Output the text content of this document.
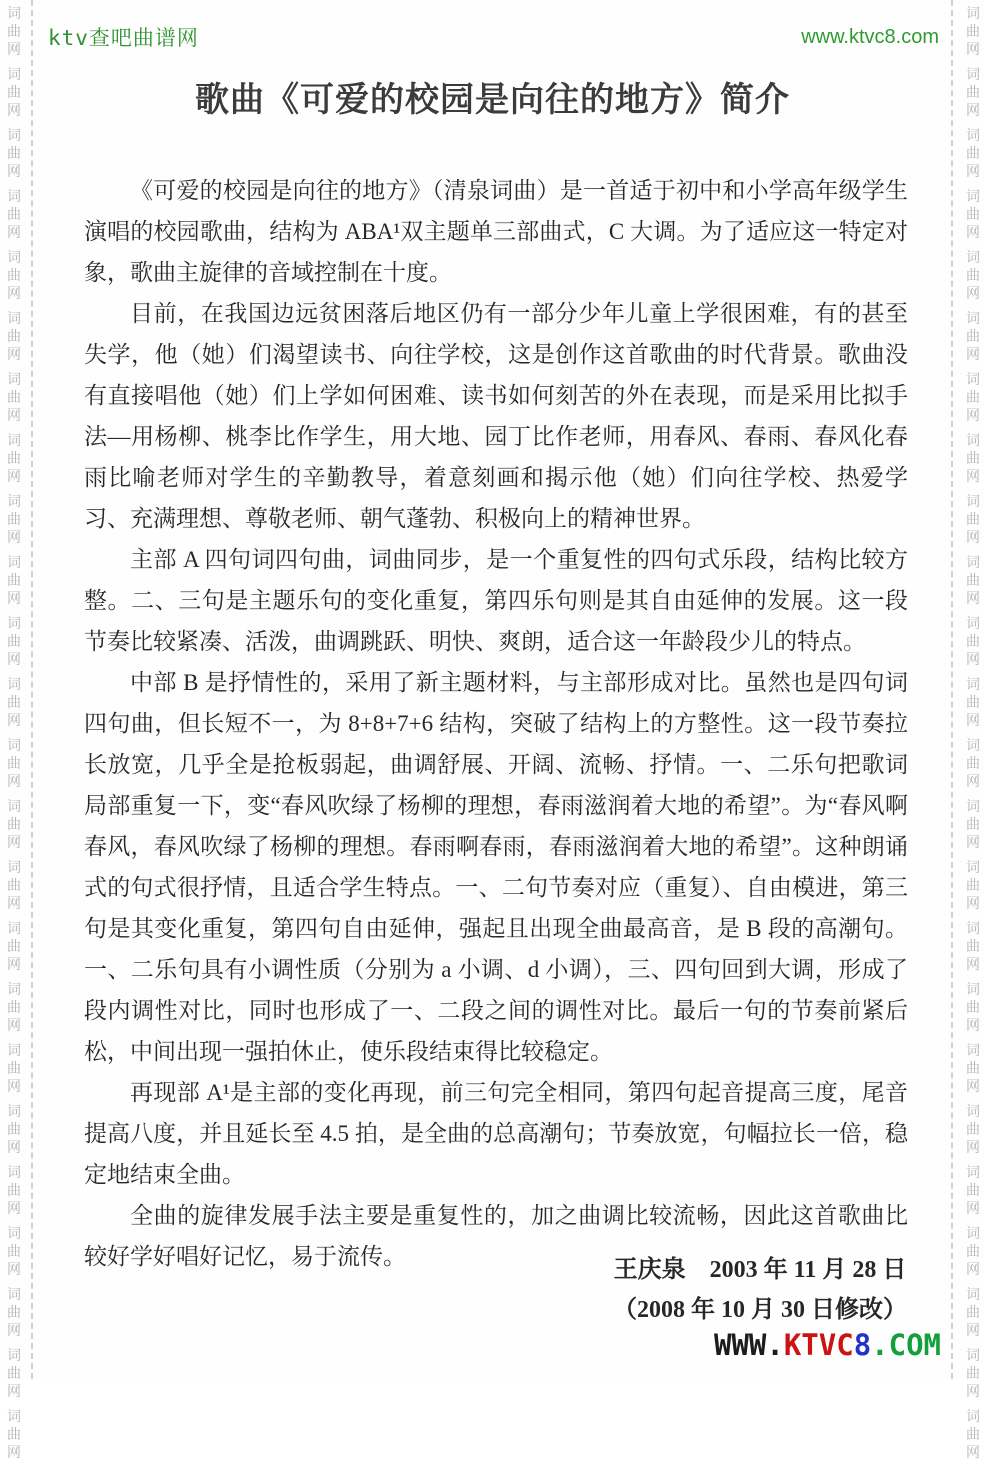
词
曲
网
词
曲
网
词
曲
网
词
曲
网
词
曲
网
词
曲
网
词
曲
网
词
曲
网
词
曲
网
词
曲
网
词
曲
网
词
曲
网
词
曲
网
词
曲
网
词
曲
网
词
曲
网
词
曲
网
词
曲
网
词
曲
网
词
曲
网
词
曲
网
词
曲
网
词
曲
网
词
曲
网
词
曲
网
词
曲
网
词
曲
网
词
曲
网
词
曲
网
词
曲
网
词
曲
网
词
曲
网
词
曲
网
词
曲
网
词
曲
网
词
曲
网
词
曲
网
词
曲
网
词
曲
网
词
曲
网
词
曲
网
词
曲
网
词
曲
网
词
曲
网
词
曲
网
词
曲
网
词
曲
网
词
曲
网
ktv查吧曲谱网	www.ktvc8.com
歌曲《可爱的校园是向往的地方》简介

《可爱的校园是向往的地方》（清泉词曲）是一首适于初中和小学高年级学生演唱的校园歌曲，结构为 ABA¹双主题单三部曲式，C 大调。为了适应这一特定对象，歌曲主旋律的音域控制在十度。

目前，在我国边远贫困落后地区仍有一部分少年儿童上学很困难，有的甚至失学，他（她）们渴望读书、向往学校，这是创作这首歌曲的时代背景。歌曲没有直接唱他（她）们上学如何困难、读书如何刻苦的外在表现，而是采用比拟手法—用杨柳、桃李比作学生，用大地、园丁比作老师，用春风、春雨、春风化春雨比喻老师对学生的辛勤教导，着意刻画和揭示他（她）们向往学校、热爱学习、充满理想、尊敬老师、朝气蓬勃、积极向上的精神世界。

主部 A 四句词四句曲，词曲同步，是一个重复性的四句式乐段，结构比较方整。二、三句是主题乐句的变化重复，第四乐句则是其自由延伸的发展。这一段节奏比较紧凑、活泼，曲调跳跃、明快、爽朗，适合这一年龄段少儿的特点。

中部 B 是抒情性的，采用了新主题材料，与主部形成对比。虽然也是四句词四句曲，但长短不一，为 8+8+7+6 结构，突破了结构上的方整性。这一段节奏拉长放宽，几乎全是抢板弱起，曲调舒展、开阔、流畅、抒情。一、二乐句把歌词局部重复一下，变“春风吹绿了杨柳的理想，春雨滋润着大地的希望”。为“春风啊春风，春风吹绿了杨柳的理想。春雨啊春雨，春雨滋润着大地的希望”。这种朗诵式的句式很抒情，且适合学生特点。一、二句节奏对应（重复）、自由模进，第三句是其变化重复，第四句自由延伸，强起且出现全曲最高音，是 B 段的高潮句。一、二乐句具有小调性质（分别为 a 小调、d 小调），三、四句回到大调，形成了段内调性对比，同时也形成了一、二段之间的调性对比。最后一句的节奏前紧后松，中间出现一强拍休止，使乐段结束得比较稳定。

再现部 A¹是主部的变化再现，前三句完全相同，第四句起音提高三度，尾音提高八度，并且延长至 4.5 拍，是全曲的总高潮句；节奏放宽，句幅拉长一倍，稳定地结束全曲。

全曲的旋律发展手法主要是重复性的，加之曲调比较流畅，因此这首歌曲比较好学好唱好记忆，易于流传。

王庆泉　2003 年 11 月 28 日
（2008 年 10 月 30 日修改）
WWW.KTVC8.COM
